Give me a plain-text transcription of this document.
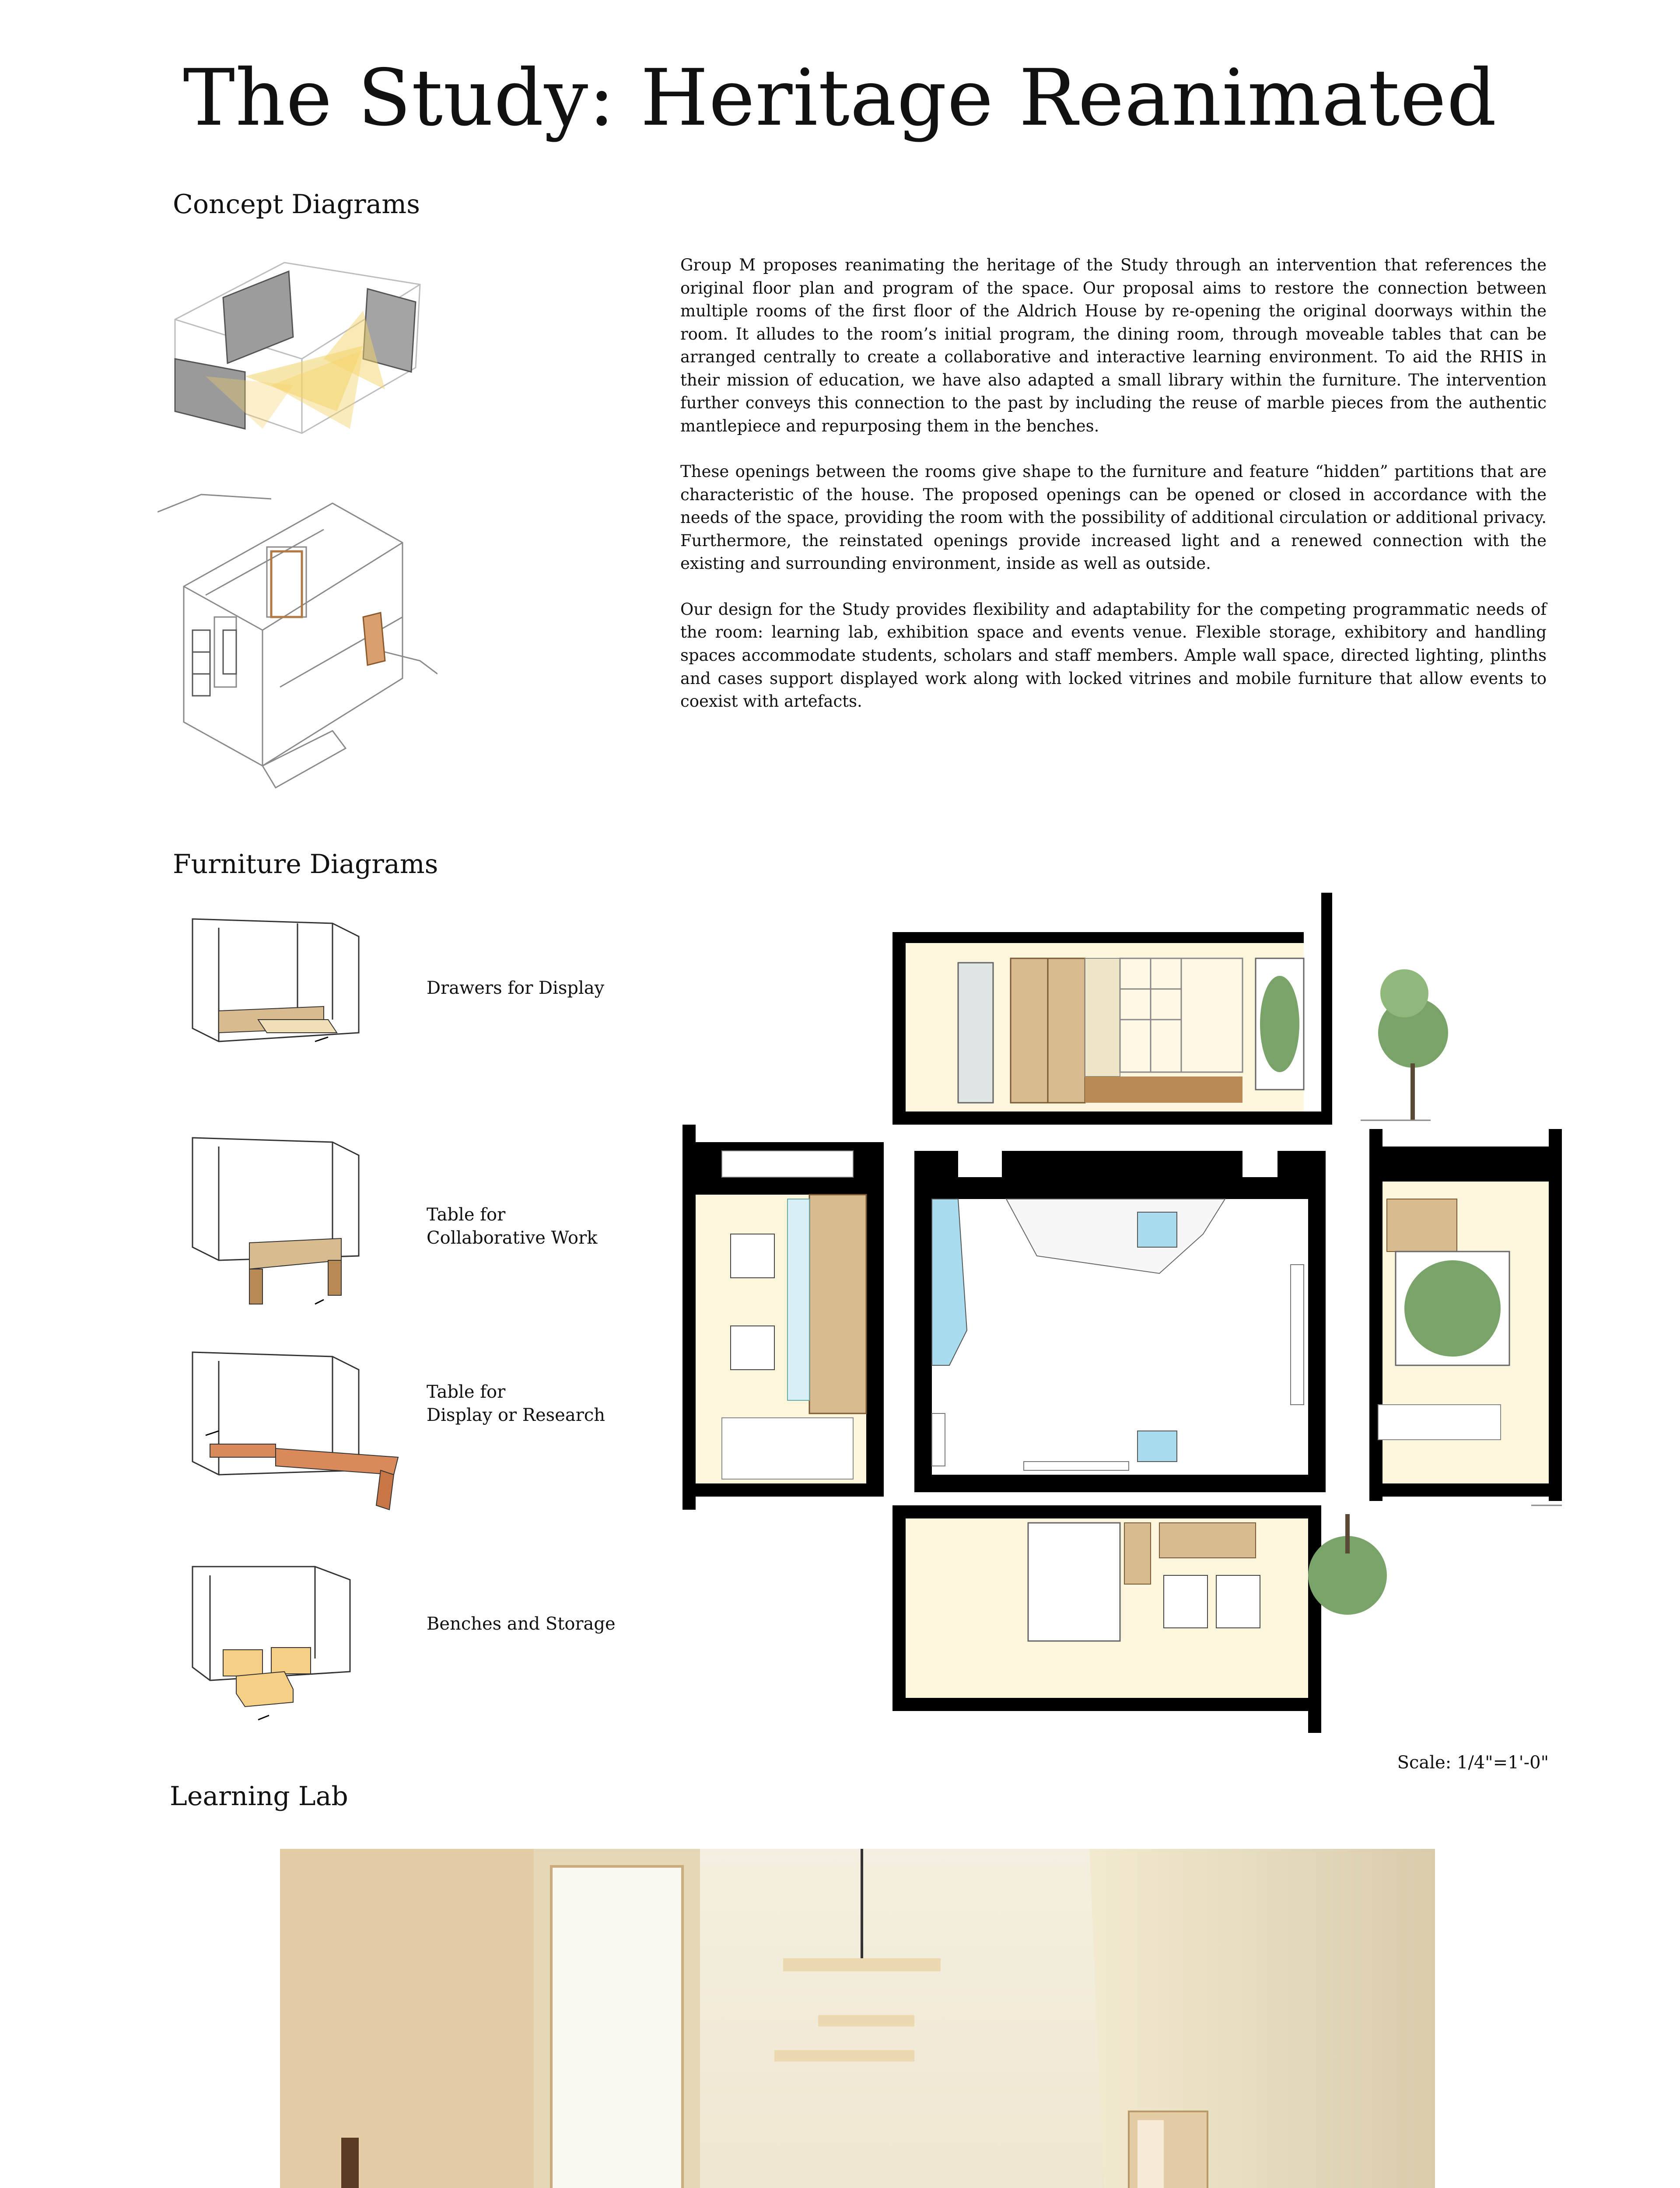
The Study: Heritage Reanimated
Concept Diagrams

Group M proposes reanimating the heritage of the Study through an intervention that references the original floor plan and program of the space. Our proposal aims to restore the connection between multiple rooms of the first floor of the Aldrich House by re-opening the original doorways within the room. It alludes to the room’s initial program, the dining room, through moveable tables that can be arranged centrally to create a collaborative and interactive learning environment. To aid the RHIS in their mission of education, we have also adapted a small library within the furniture. The intervention further conveys this connection to the past by including the reuse of marble pieces from the authentic mantlepiece and repurposing them in the benches.

These openings between the rooms give shape to the furniture and feature “hidden” partitions that are characteristic of the house. The proposed openings can be opened or closed in accordance with the needs of the space, providing the room with the possibility of additional circulation or additional privacy. Furthermore, the reinstated openings provide increased light and a renewed connection with the existing and surrounding environment, inside as well as outside.

Our design for the Study provides flexibility and adaptability for the competing programmatic needs of the room: learning lab, exhibition space and events venue. Flexible storage, exhibitory and handling spaces accommodate students, scholars and staff members. Ample wall space, directed lighting, plinths and cases support displayed work along with locked vitrines and mobile furniture that allow events to coexist with artefacts.

Furniture Diagrams
Drawers for Display
Table for
Collaborative Work
Table for
Display or Research
Benches and Storage
Scale: 1/4"=1'-0"
Learning Lab
